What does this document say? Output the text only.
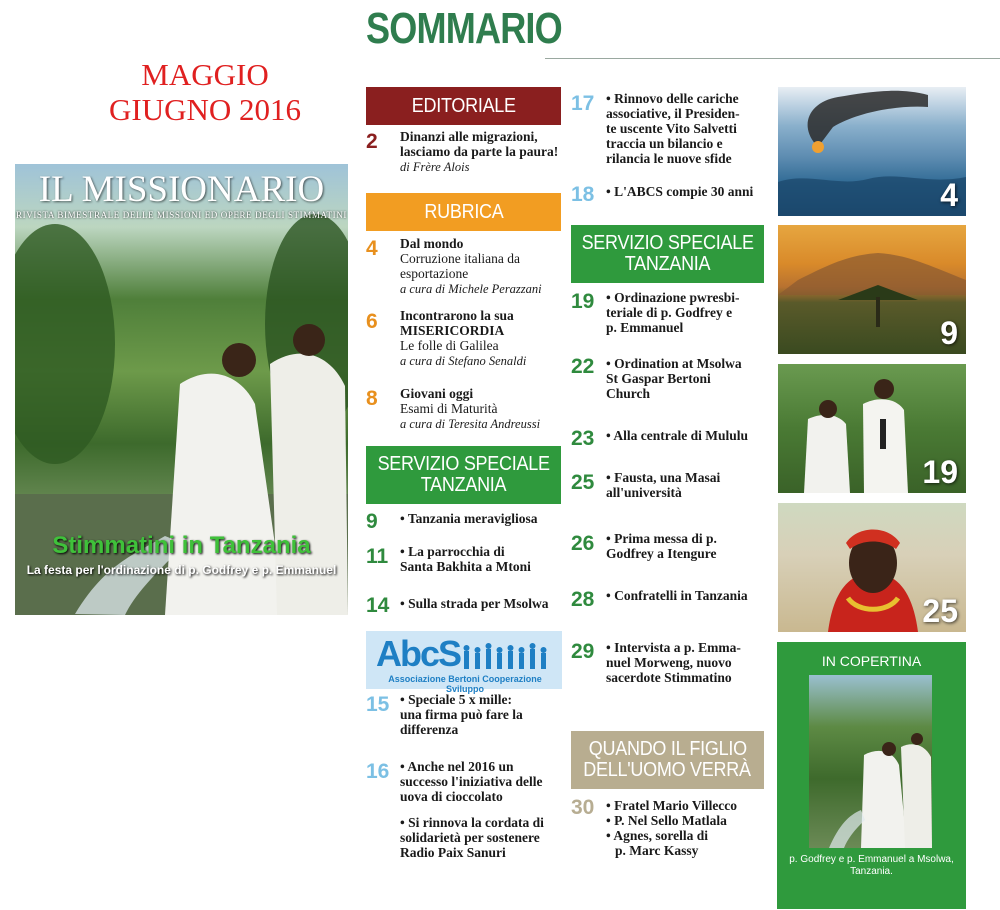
SOMMARIO
MAGGIO
GIUGNO 2016
IL MISSIONARIO
RIVISTA BIMESTRALE DELLE MISSIONI ED OPERE DEGLI STIMMATINI
Stimmatini in Tanzania
La festa per l'ordinazione di p. Godfrey e p. Emmanuel
EDITORIALE
2 Dinanzi alle migrazioni,
lasciamo da parte la paura!
di Frère Alois
RUBRICA
4 Dal mondo
Corruzione italiana da
esportazione
a cura di Michele Perazzani
6 Incontrarono la sua
MISERICORDIA
Le folle di Galilea
a cura di Stefano Senaldi
8 Giovani oggi
Esami di Maturità
a cura di Teresita Andreussi
SERVIZIO SPECIALE
TANZANIA
9 • Tanzania meravigliosa
11 • La parrocchia di
Santa Bakhita a Mtoni
14 • Sulla strada per Msolwa
AbcS
Associazione Bertoni Cooperazione Sviluppo
15 • Speciale 5 x mille:
una firma può fare la
differenza
16 • Anche nel 2016 un
successo l'iniziativa delle
uova di cioccolato
• Si rinnova la cordata di
solidarietà per sostenere
Radio Paix Sanuri
17 • Rinnovo delle cariche
associative, il Presiden-
te uscente Vito Salvetti
traccia un bilancio e
rilancia le nuove sfide
18 • L'ABCS compie 30 anni
SERVIZIO SPECIALE
TANZANIA
19 • Ordinazione pwresbi-
teriale di p. Godfrey e
p. Emmanuel
22 • Ordination at Msolwa
St Gaspar Bertoni
Church
23 • Alla centrale di Mululu
25 • Fausta, una Masai
all'università
26 • Prima messa di p.
Godfrey a Itengure
28 • Confratelli in Tanzania
29 • Intervista a p. Emma-
nuel Morweng, nuovo
sacerdote Stimmatino
QUANDO IL FIGLIO
DELL'UOMO VERRÀ
30 • Fratel Mario Villecco
• P. Nel Sello Matlala
• Agnes, sorella di
p. Marc Kassy
4
9
19
25
IN COPERTINA
p. Godfrey e p. Emmanuel a Msolwa,
Tanzania.
